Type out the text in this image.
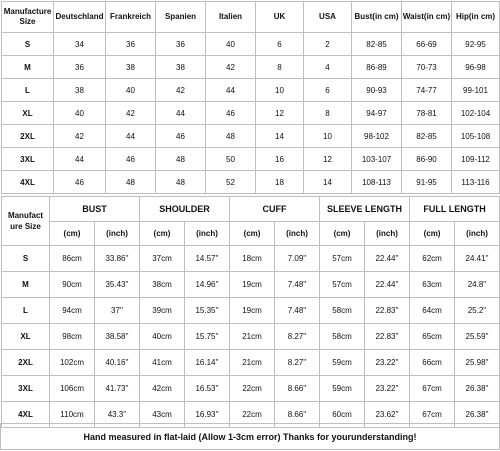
Manufacture Size	Deutschland	Frankreich	Spanien	Italien	UK	USA	Bust(in cm)	Waist(in cm)	Hip(in cm)
S	34	36	36	40	6	2	82-85	66-69	92-95
M	36	38	38	42	8	4	86-89	70-73	96-98
L	38	40	42	44	10	6	90-93	74-77	99-101
XL	40	42	44	46	12	8	94-97	78-81	102-104
2XL	42	44	46	48	14	10	98-102	82-85	105-108
3XL	44	46	48	50	16	12	103-107	86-90	109-112
4XL	46	48	48	52	18	14	108-113	91-95	113-116
Manufact ure Size	BUST		SHOULDER		CUFF		SLEEVE LENGTH		FULL LENGTH	
	(cm)	(inch)	(cm)	(inch)	(cm)	(inch)	(cm)	(inch)	(cm)	(inch)
S	86cm	33.86''	37cm	14.57''	18cm	7.09''	57cm	22.44''	62cm	24.41''
M	90cm	35.43''	38cm	14.96''	19cm	7.48''	57cm	22.44''	63cm	24.8''
L	94cm	37''	39cm	15.35''	19cm	7.48''	58cm	22.83''	64cm	25.2''
XL	98cm	38.58''	40cm	15.75''	21cm	8.27''	58cm	22.83''	65cm	25.59''
2XL	102cm	40.16''	41cm	16.14''	21cm	8.27''	59cm	23.22''	66cm	25.98''
3XL	106cm	41.73''	42cm	16.53''	22cm	8.66''	59cm	23.22''	67cm	26.38''
4XL	110cm	43.3''	43cm	16.93''	22cm	8.66''	60cm	23.62''	67cm	26.38''
Hand measured in flat-laid (Allow 1-3cm error) Thanks for yourunderstanding!
